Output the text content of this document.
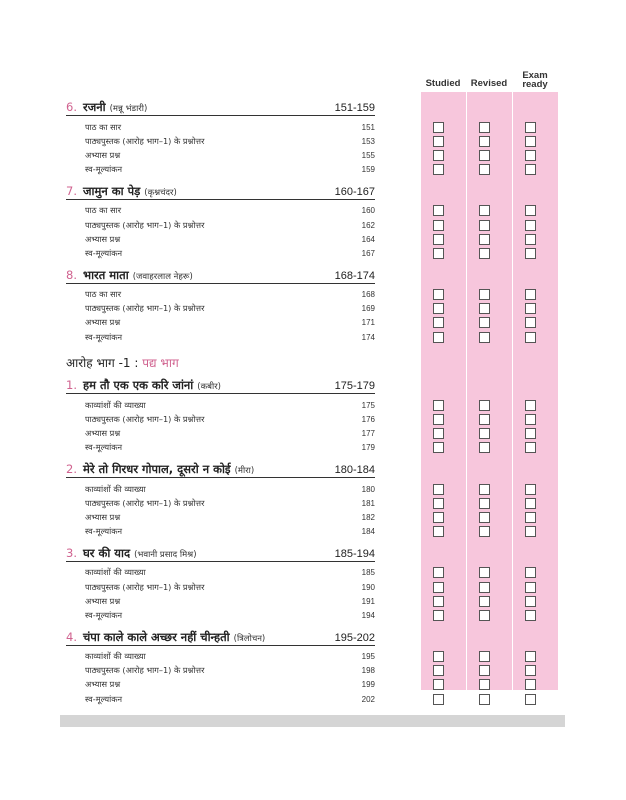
Studied	Revised
Exam
ready
6. रजनी (मन्नू भंडारी)	151-159
पाठ का सार	151
पाठ्यपुस्तक (आरोह भाग–1) के प्रश्नोत्तर	153
अभ्यास प्रश्न	155
स्व-मूल्यांकन	159
7. जामुन का पेड़ (कृश्नचंदर)	160-167
पाठ का सार	160
पाठ्यपुस्तक (आरोह भाग–1) के प्रश्नोत्तर	162
अभ्यास प्रश्न	164
स्व-मूल्यांकन	167
8. भारत माता (जवाहरलाल नेहरू)	168-174
पाठ का सार	168
पाठ्यपुस्तक (आरोह भाग–1) के प्रश्नोत्तर	169
अभ्यास प्रश्न	171
स्व-मूल्यांकन	174
आरोह भाग -1 : पद्य भाग
1. हम तौ एक एक करि जांनां (कबीर)	175-179
काव्यांशों की व्याख्या	175
पाठ्यपुस्तक (आरोह भाग–1) के प्रश्नोत्तर	176
अभ्यास प्रश्न	177
स्व-मूल्यांकन	179
2. मेरे तो गिरधर गोपाल, दूसरो न कोई (मीरा)	180-184
काव्यांशों की व्याख्या	180
पाठ्यपुस्तक (आरोह भाग–1) के प्रश्नोत्तर	181
अभ्यास प्रश्न	182
स्व-मूल्यांकन	184
3. घर की याद (भवानी प्रसाद मिश्र)	185-194
काव्यांशों की व्याख्या	185
पाठ्यपुस्तक (आरोह भाग–1) के प्रश्नोत्तर	190
अभ्यास प्रश्न	191
स्व-मूल्यांकन	194
4. चंपा काले काले अच्छर नहीं चीन्हती (त्रिलोचन)	195-202
काव्यांशों की व्याख्या	195
पाठ्यपुस्तक (आरोह भाग–1) के प्रश्नोत्तर	198
अभ्यास प्रश्न	199
स्व-मूल्यांकन	202
